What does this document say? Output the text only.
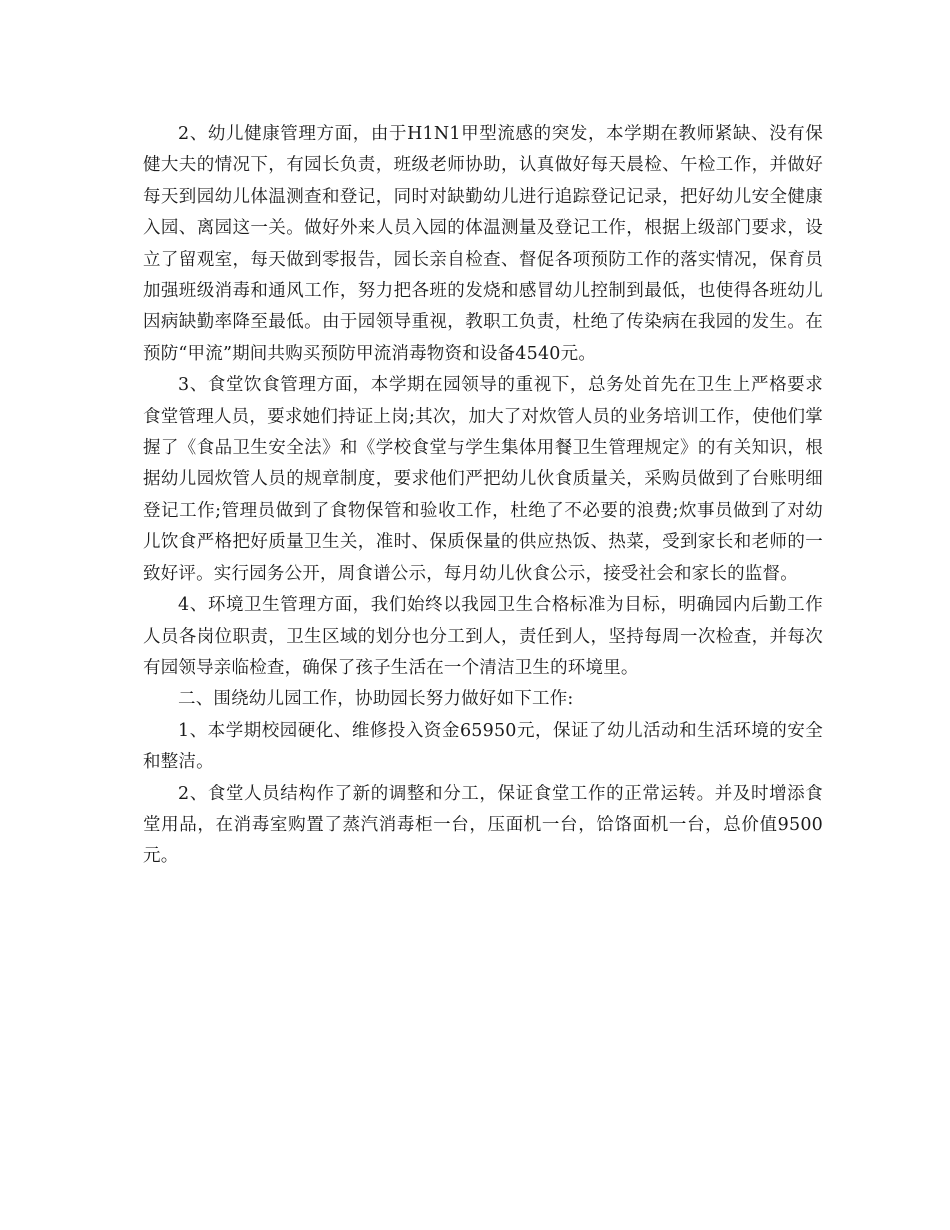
2、幼儿健康管理方面，由于H1N1甲型流感的突发，本学期在教师紧缺、没有保健大夫的情况下，有园长负责，班级老师协助，认真做好每天晨检、午检工作，并做好每天到园幼儿体温测查和登记，同时对缺勤幼儿进行追踪登记记录，把好幼儿安全健康入园、离园这一关。做好外来人员入园的体温测量及登记工作，根据上级部门要求，设立了留观室，每天做到零报告，园长亲自检查、督促各项预防工作的落实情况，保育员加强班级消毒和通风工作，努力把各班的发烧和感冒幼儿控制到最低，也使得各班幼儿因病缺勤率降至最低。由于园领导重视，教职工负责，杜绝了传染病在我园的发生。在预防“甲流”期间共购买预防甲流消毒物资和设备4540元。

3、食堂饮食管理方面，本学期在园领导的重视下，总务处首先在卫生上严格要求食堂管理人员，要求她们持证上岗;其次，加大了对炊管人员的业务培训工作，使他们掌握了《食品卫生安全法》和《学校食堂与学生集体用餐卫生管理规定》的有关知识，根据幼儿园炊管人员的规章制度，要求他们严把幼儿伙食质量关，采购员做到了台账明细登记工作;管理员做到了食物保管和验收工作，杜绝了不必要的浪费;炊事员做到了对幼儿饮食严格把好质量卫生关，准时、保质保量的供应热饭、热菜，受到家长和老师的一致好评。实行园务公开，周食谱公示，每月幼儿伙食公示，接受社会和家长的监督。

4、环境卫生管理方面，我们始终以我园卫生合格标准为目标，明确园内后勤工作人员各岗位职责，卫生区域的划分也分工到人，责任到人，坚持每周一次检查，并每次有园领导亲临检查，确保了孩子生活在一个清洁卫生的环境里。

二、围绕幼儿园工作，协助园长努力做好如下工作:

1、本学期校园硬化、维修投入资金65950元，保证了幼儿活动和生活环境的安全和整洁。

2、食堂人员结构作了新的调整和分工，保证食堂工作的正常运转。并及时增添食堂用品，在消毒室购置了蒸汽消毒柜一台，压面机一台，饸饹面机一台，总价值9500元。
